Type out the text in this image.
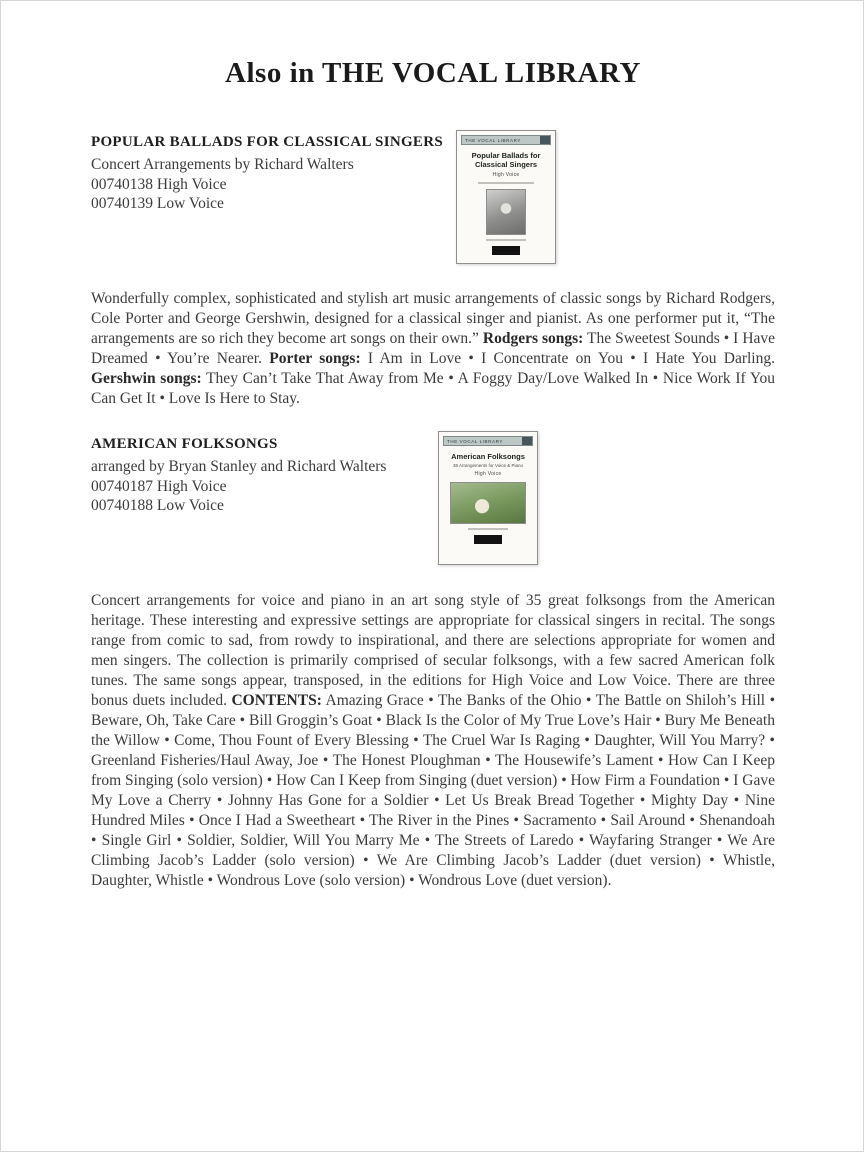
Also in THE VOCAL LIBRARY
POPULAR BALLADS FOR CLASSICAL SINGERS

Concert Arrangements by Richard Walters

00740138 High Voice

00740139 Low Voice

THE VOCAL LIBRARY
Popular Ballads for Classical Singers
High Voice

Wonderfully complex, sophisticated and stylish art music arrangements of classic songs by Richard Rodgers, Cole Porter and George Gershwin, designed for a classical singer and pianist. As one performer put it, “The arrangements are so rich they become art songs on their own.” Rodgers songs: The Sweetest Sounds • I Have Dreamed • You’re Nearer. Porter songs: I Am in Love • I Concentrate on You • I Hate You Darling. Gershwin songs: They Can’t Take That Away from Me • A Foggy Day/Love Walked In • Nice Work If You Can Get It • Love Is Here to Stay.

AMERICAN FOLKSONGS

arranged by Bryan Stanley and Richard Walters

00740187 High Voice

00740188 Low Voice

THE VOCAL LIBRARY
American Folksongs
35 Arrangements for Voice & Piano
High Voice

Concert arrangements for voice and piano in an art song style of 35 great folksongs from the American heritage. These interesting and expressive settings are appropriate for classical singers in recital. The songs range from comic to sad, from rowdy to inspirational, and there are selections appropriate for women and men singers. The collection is primarily comprised of secular folksongs, with a few sacred American folk tunes. The same songs appear, transposed, in the editions for High Voice and Low Voice. There are three bonus duets included. CONTENTS: Amazing Grace • The Banks of the Ohio • The Battle on Shiloh’s Hill • Beware, Oh, Take Care • Bill Groggin’s Goat • Black Is the Color of My True Love’s Hair • Bury Me Beneath the Willow • Come, Thou Fount of Every Blessing • The Cruel War Is Raging • Daughter, Will You Marry? • Greenland Fisheries/Haul Away, Joe • The Honest Ploughman • The Housewife’s Lament • How Can I Keep from Singing (solo version) • How Can I Keep from Singing (duet version) • How Firm a Foundation • I Gave My Love a Cherry • Johnny Has Gone for a Soldier • Let Us Break Bread Together • Mighty Day • Nine Hundred Miles • Once I Had a Sweetheart • The River in the Pines • Sacramento • Sail Around • Shenandoah • Single Girl • Soldier, Soldier, Will You Marry Me • The Streets of Laredo • Wayfaring Stranger • We Are Climbing Jacob’s Ladder (solo version) • We Are Climbing Jacob’s Ladder (duet version) • Whistle, Daughter, Whistle • Wondrous Love (solo version) • Wondrous Love (duet version).
